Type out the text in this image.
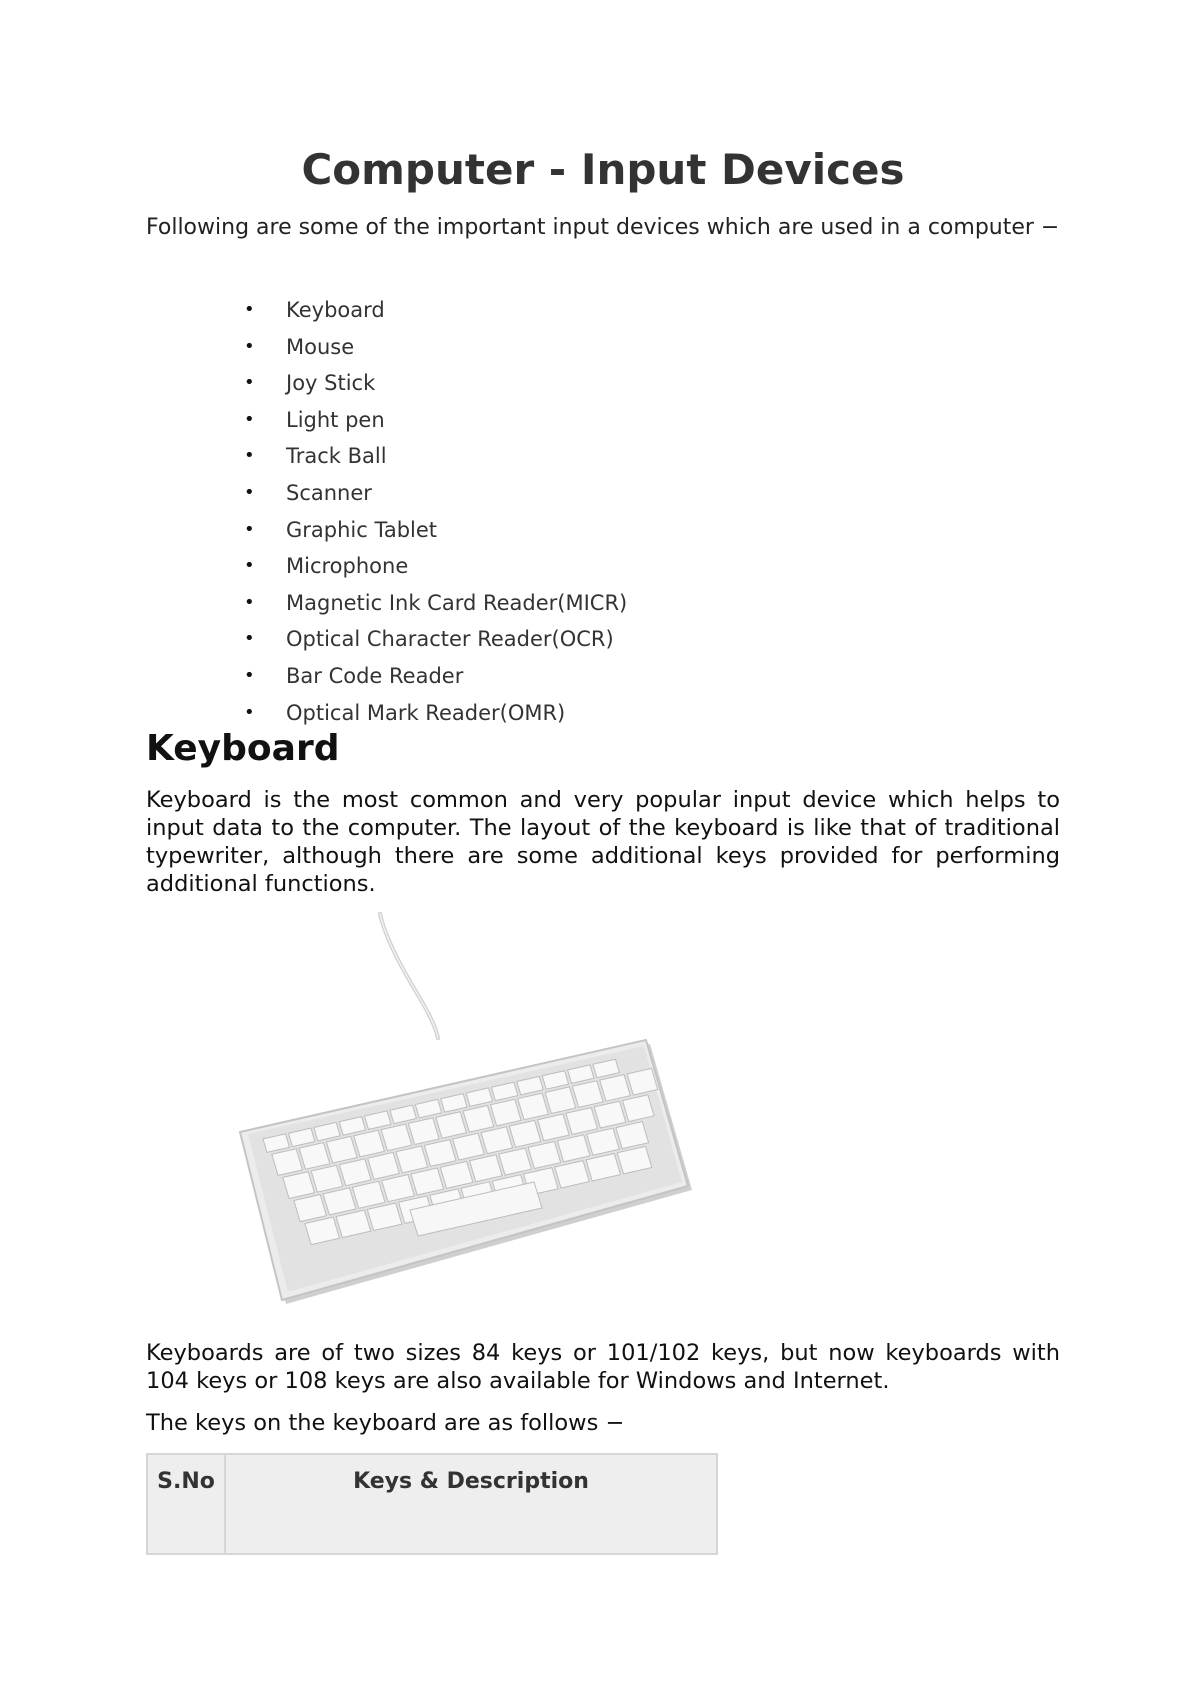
Computer - Input Devices

Following are some of the important input devices which are used in a computer −

• Keyboard
• Mouse
• Joy Stick
• Light pen
• Track Ball
• Scanner
• Graphic Tablet
• Microphone
• Magnetic Ink Card Reader(MICR)
• Optical Character Reader(OCR)
• Bar Code Reader
• Optical Mark Reader(OMR)
Keyboard

Keyboard is the most common and very popular input device which helps to input data to the computer. The layout of the keyboard is like that of traditional typewriter, although there are some additional keys provided for performing additional functions.

Keyboards are of two sizes 84 keys or 101/102 keys, but now keyboards with 104 keys or 108 keys are also available for Windows and Internet.

The keys on the keyboard are as follows −

S.No	Keys & Description
